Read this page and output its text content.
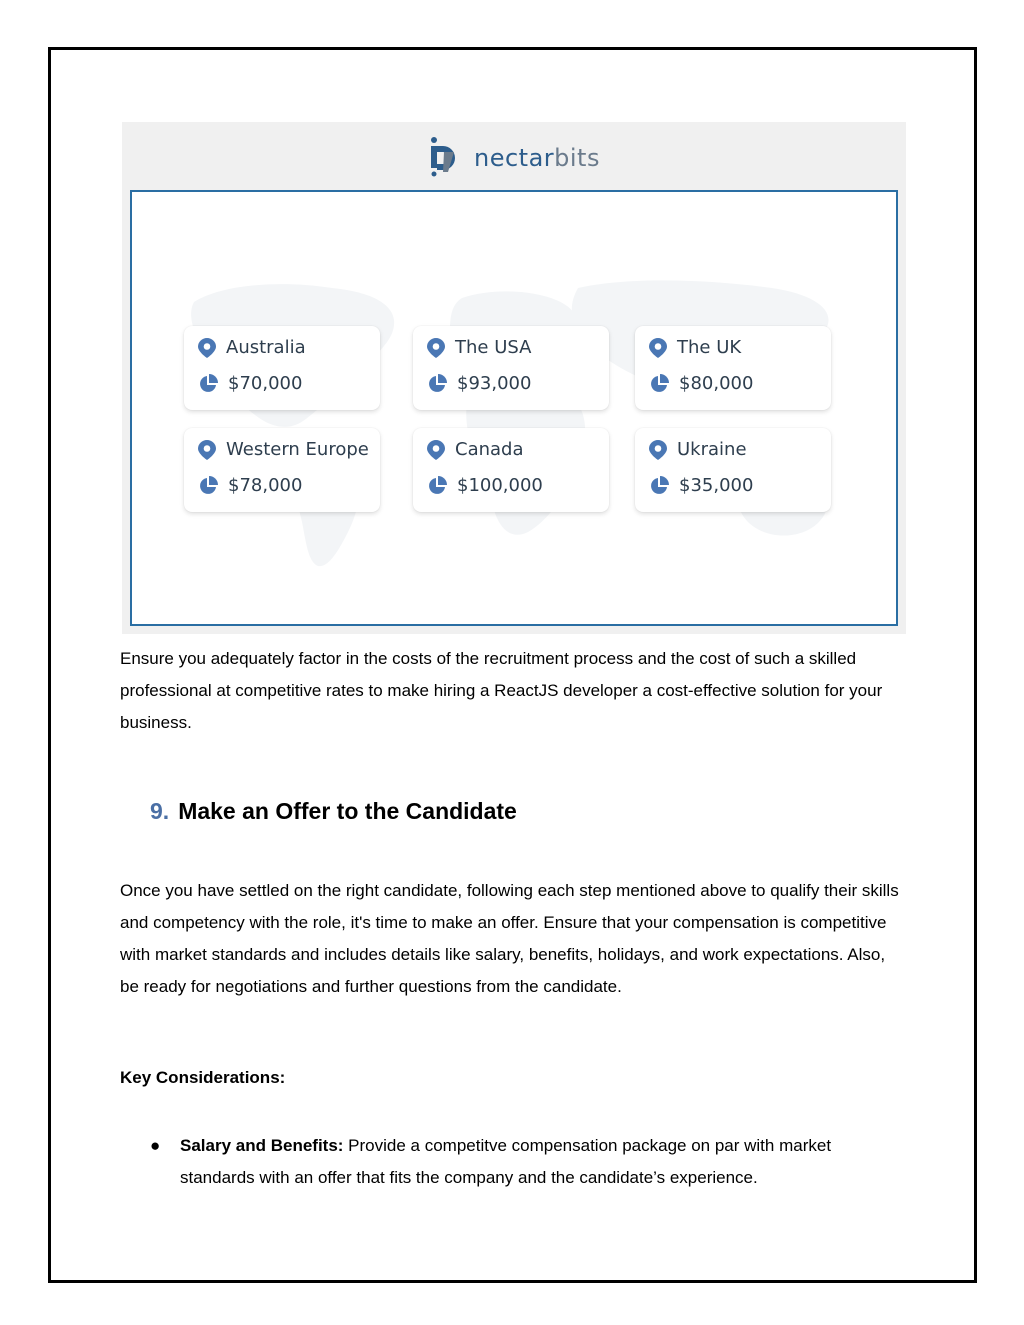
nectarbits
Australia
$70,000
The USA
$93,000
The UK
$80,000
Western Europe
$78,000
Canada
$100,000
Ukraine
$35,000

Ensure you adequately factor in the costs of the recruitment process and the cost of such a skilled professional at competitive rates to make hiring a ReactJS developer a cost-effective solution for your business.

9. Make an Offer to the Candidate

Once you have settled on the right candidate, following each step mentioned above to qualify their skills and competency with the role, it's time to make an offer. Ensure that your compensation is competitive with market standards and includes details like salary, benefits, holidays, and work expectations. Also, be ready for negotiations and further questions from the candidate.

Key Considerations:

● Salary and Benefits: Provide a competitve compensation package on par with market standards with an offer that fits the company and the candidate’s experience.
